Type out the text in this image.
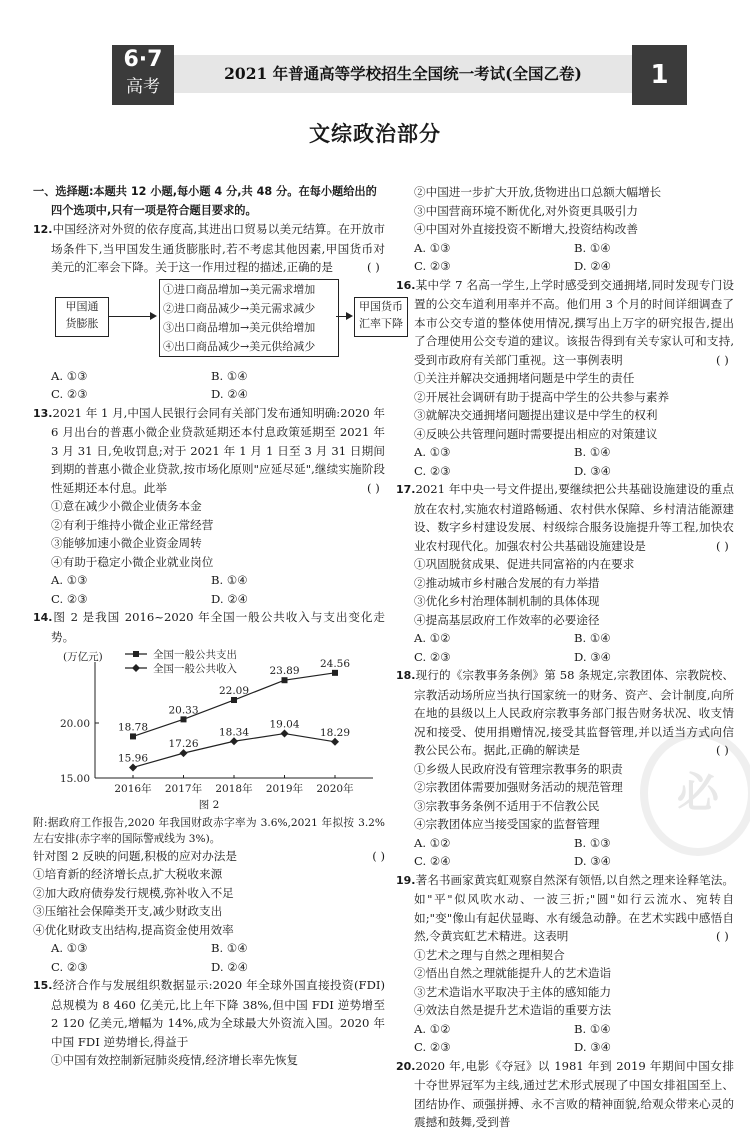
6·7
高考
2021 年普通高等学校招生全国统一考试(全国乙卷)	1
文综政治部分
必

一、选择题:本题共 12 小题,每小题 4 分,共 48 分。在每小题给出的四个选项中,只有一项是符合题目要求的。

12.中国经济对外贸的依存度高,其进出口贸易以美元结算。在开放市场条件下,当甲国发生通货膨胀时,若不考虑其他因素,甲国货币对美元的汇率会下降。关于这一作用过程的描述,正确的是	( )

甲国通
货膨胀
①进口商品增加→美元需求增加
②进口商品减少→美元需求减少
③出口商品增加→美元供给增加
④出口商品减少→美元供给减少
甲国货币
汇率下降
A. ①③	B. ①④
C. ②③	D. ②④

13.2021 年 1 月,中国人民银行会同有关部门发布通知明确:2020 年 6 月出台的普惠小微企业贷款延期还本付息政策延期至 2021 年 3 月 31 日,免收罚息;对于 2021 年 1 月 1 日至 3 月 31 日期间到期的普惠小微企业贷款,按市场化原则"应延尽延",继续实施阶段性延期还本付息。此举	( )

①意在减少小微企业债务本金

②有利于维持小微企业正常经营

③能够加速小微企业资金周转

④有助于稳定小微企业就业岗位

A. ①③	B. ①④
C. ②③	D. ②④

14.图 2 是我国 2016~2020 年全国一般公共收入与支出变化走势。

(万亿元)
15.00
20.00
2016年 2017年 2018年 2019年 2020年
全国一般公共支出
全国一般公共收入
18.78
20.33
22.09
23.89
24.56
15.96
17.26
18.34
19.04
18.29

图 2

附:据政府工作报告,2020 年我国财政赤字率为 3.6%,2021 年拟按 3.2%左右安排(赤字率的国际警戒线为 3%)。

针对图 2 反映的问题,积极的应对办法是	( )

①培育新的经济增长点,扩大税收来源

②加大政府债券发行规模,弥补收入不足

③压缩社会保障类开支,减少财政支出

④优化财政支出结构,提高资金使用效率

A. ①③	B. ①④
C. ②③	D. ②④

15.经济合作与发展组织数据显示:2020 年全球外国直接投资(FDI)总规模为 8 460 亿美元,比上年下降 38%,但中国 FDI 逆势增至 2 120 亿美元,增幅为 14%,成为全球最大外资流入国。2020 年中国 FDI 逆势增长,得益于

①中国有效控制新冠肺炎疫情,经济增长率先恢复

②中国进一步扩大开放,货物进出口总额大幅增长

③中国营商环境不断优化,对外资更具吸引力

④中国对外直接投资不断增大,投资结构改善

A. ①③	B. ①④
C. ②③	D. ②④

16.某中学 7 名高一学生,上学时感受到交通拥堵,同时发现专门设置的公交车道利用率并不高。他们用 3 个月的时间详细调查了本市公交专道的整体使用情况,撰写出上万字的研究报告,提出了合理使用公交专道的建议。该报告得到有关专家认可和支持,受到市政府有关部门重视。这一事例表明	( )

①关注并解决交通拥堵问题是中学生的责任

②开展社会调研有助于提高中学生的公共参与素养

③就解决交通拥堵问题提出建议是中学生的权利

④反映公共管理问题时需要提出相应的对策建议

A. ①③	B. ①④
C. ②③	D. ③④

17.2021 年中央一号文件提出,要继续把公共基础设施建设的重点放在农村,实施农村道路畅通、农村供水保障、乡村清洁能源建设、数字乡村建设发展、村级综合服务设施提升等工程,加快农业农村现代化。加强农村公共基础设施建设是	( )

①巩固脱贫成果、促进共同富裕的内在要求

②推动城市乡村融合发展的有力举措

③优化乡村治理体制机制的具体体现

④提高基层政府工作效率的必要途径

A. ①②	B. ①④
C. ②③	D. ③④

18.现行的《宗教事务条例》第 58 条规定,宗教团体、宗教院校、宗教活动场所应当执行国家统一的财务、资产、会计制度,向所在地的县级以上人民政府宗教事务部门报告财务状况、收支情况和接受、使用捐赠情况,接受其监督管理,并以适当方式向信教公民公布。据此,正确的解读是	( )

①乡级人民政府没有管理宗教事务的职责

②宗教团体需要加强财务活动的规范管理

③宗教事务条例不适用于不信教公民

④宗教团体应当接受国家的监督管理

A. ①②	B. ①③
C. ②④	D. ③④

19.著名书画家黄宾虹观察自然深有领悟,以自然之理来诠释笔法。如"平"似风吹水动、一波三折;"圆"如行云流水、宛转自如;"变"像山有起伏显晦、水有缓急动静。在艺术实践中感悟自然,令黄宾虹艺术精进。这表明	( )

①艺术之理与自然之理相契合

②悟出自然之理就能提升人的艺术造诣

③艺术造诣水平取决于主体的感知能力

④效法自然是提升艺术造诣的重要方法

A. ①②	B. ①④
C. ②③	D. ③④

20.2020 年,电影《夺冠》以 1981 年到 2019 年期间中国女排十夺世界冠军为主线,通过艺术形式展现了中国女排祖国至上、团结协作、顽强拼搏、永不言败的精神面貌,给观众带来心灵的震撼和鼓舞,受到普
